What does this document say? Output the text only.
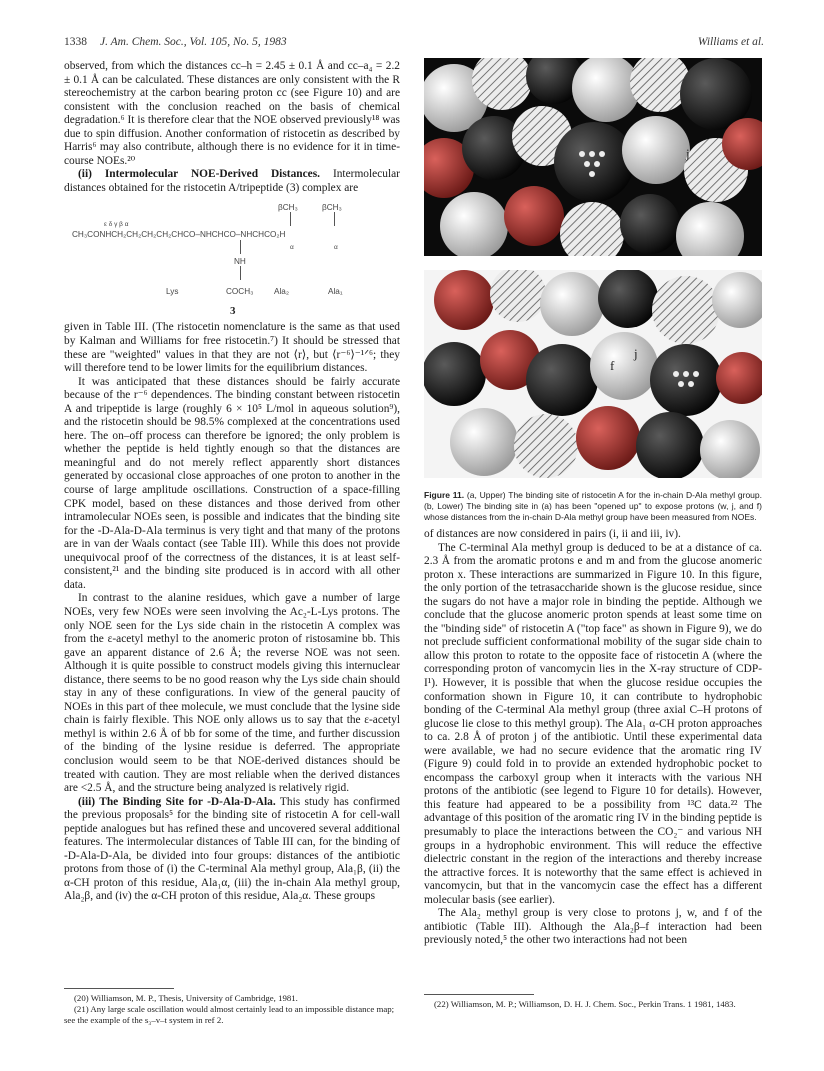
1338 J. Am. Chem. Soc., Vol. 105, No. 5, 1983	Williams et al.

observed, from which the distances cc–h = 2.45 ± 0.1 Å and cc–a₄ = 2.2 ± 0.1 Å can be calculated. These distances are only consistent with the R stereochemistry at the carbon bearing proton cc (see Figure 10) and are consistent with the conclusion reached on the basis of chemical degradation.⁶ It is therefore clear that the NOE observed previously¹⁸ was due to spin diffusion. Another conformation of ristocetin as described by Harris⁶ may also contribute, although there is no evidence for it in time-course NOEs.²⁰

(ii) Intermolecular NOE-Derived Distances. Intermolecular distances obtained for the ristocetin A/tripeptide (3) complex are

βCH₃	βCH₃
ε δ γ β α
CH₃CONHCH₂CH₂CH₂CH₂CHCO–NHCHCO–NHCHCO₂H
α	α
NH
Lys	COCH₃	Ala₂	Ala₁
3

given in Table III. (The ristocetin nomenclature is the same as that used by Kalman and Williams for free ristocetin.⁷) It should be stressed that these are "weighted" values in that they are not ⟨r⟩, but ⟨r⁻⁶⟩⁻¹ᐟ⁶; they will therefore tend to be lower limits for the equilibrium distances.

It was anticipated that these distances should be fairly accurate because of the r⁻⁶ dependences. The binding constant between ristocetin A and tripeptide is large (roughly 6 × 10⁵ L/mol in aqueous solution⁹), and the ristocetin should be 98.5% complexed at the concentrations used here. The on–off process can therefore be ignored; the only problem is whether the peptide is held tightly enough so that the distances are meaningful and do not merely reflect apparently short distances generated by occasional close approaches of one proton to another in the course of large amplitude oscillations. Construction of a space-filling CPK model, based on these distances and those derived from other intramolecular NOEs seen, is possible and indicates that the binding site for the -D-Ala-D-Ala terminus is very tight and that many of the protons are in van der Waals contact (see Table III). While this does not provide unequivocal proof of the correctness of the distances, it is at least self-consistent,²¹ and the binding site produced is in accord with all other data.

In contrast to the alanine residues, which gave a number of large NOEs, very few NOEs were seen involving the Ac₂-L-Lys protons. The only NOE seen for the Lys side chain in the ristocetin A complex was from the ε-acetyl methyl to the anomeric proton of ristosamine bb. This gave an apparent distance of 2.6 Å; the reverse NOE was not seen. Although it is quite possible to construct models giving this internuclear distance, there seems to be no good reason why the Lys side chain should stay in any of these configurations. In view of the general paucity of NOEs in this part of thee molecule, we must conclude that the lysine side chain is fairly flexible. This NOE only allows us to say that the ε-acetyl methyl is within 2.6 Å of bb for some of the time, and further discussion of the binding of the lysine residue is deferred. The appropriate conclusion would seem to be that NOE-derived distances should be treated with caution. They are most reliable when the derived distances are <2.5 Å, and the structure being analyzed is relatively rigid.

(iii) The Binding Site for -D-Ala-D-Ala. This study has confirmed the previous proposals⁵ for the binding site of ristocetin A for cell-wall peptide analogues but has refined these and uncovered several additional features. The intermolecular distances of Table III can, for the binding of -D-Ala-D-Ala, be divided into four groups: distances of the antibiotic protons from those of (i) the C-terminal Ala methyl group, Ala₁β, (ii) the α-CH proton of this residue, Ala₁α, (iii) the in-chain Ala methyl group, Ala₂β, and (iv) the α-CH proton of this residue, Ala₂α. These groups

(20) Williamson, M. P., Thesis, University of Cambridge, 1981.

(21) Any large scale oscillation would almost certainly lead to an impossible distance map; see the example of the s₃–v–t system in ref 2.

j
f
j
Figure 11. (a, Upper) The binding site of ristocetin A for the in-chain D-Ala methyl group. (b, Lower) The binding site in (a) has been "opened up" to expose protons (w, j, and f) whose distances from the in-chain D-Ala methyl group have been measured from NOEs.

of distances are now considered in pairs (i, ii and iii, iv).

The C-terminal Ala methyl group is deduced to be at a distance of ca. 2.3 Å from the aromatic protons e and m and from the glucose anomeric proton x. These interactions are summarized in Figure 10. In this figure, the only portion of the tetrasaccharide shown is the glucose residue, since the sugars do not have a major role in binding the peptide. Although we conclude that the glucose anomeric proton spends at least some time on the "binding side" of ristocetin A ("top face" as shown in Figure 9), we do not preclude sufficient conformational mobility of the sugar side chain to allow this proton to rotate to the opposite face of ristocetin A (where the corresponding proton of vancomycin lies in the X-ray structure of CDP-I¹). However, it is possible that when the glucose residue occupies the conformation shown in Figure 10, it can contribute to hydrophobic bonding of the C-terminal Ala methyl group (three axial C–H protons of glucose lie close to this methyl group). The Ala₁ α-CH proton approaches to ca. 2.8 Å of proton j of the antibiotic. Until these experimental data were available, we had no secure evidence that the aromatic ring IV (Figure 9) could fold in to provide an extended hydrophobic pocket to encompass the carboxyl group when it interacts with the various NH protons of the antibiotic (see legend to Figure 10 for details). However, this feature had appeared to be a possibility from ¹³C data.²² The advantage of this position of the aromatic ring IV in the binding peptide is presumably to place the interactions between the CO₂⁻ and various NH groups in a hydrophobic environment. This will reduce the effective dielectric constant in the region of the interactions and thereby increase the attractive forces. It is noteworthy that the same effect is achieved in vancomycin, but that in the vancomycin case the effect has a different molecular basis (see earlier).

The Ala₂ methyl group is very close to protons j, w, and f of the antibiotic (Table III). Although the Ala₂β–f interaction had been previously noted,⁵ the other two interactions had not been

(22) Williamson, M. P.; Williamson, D. H. J. Chem. Soc., Perkin Trans. 1 1981, 1483.
